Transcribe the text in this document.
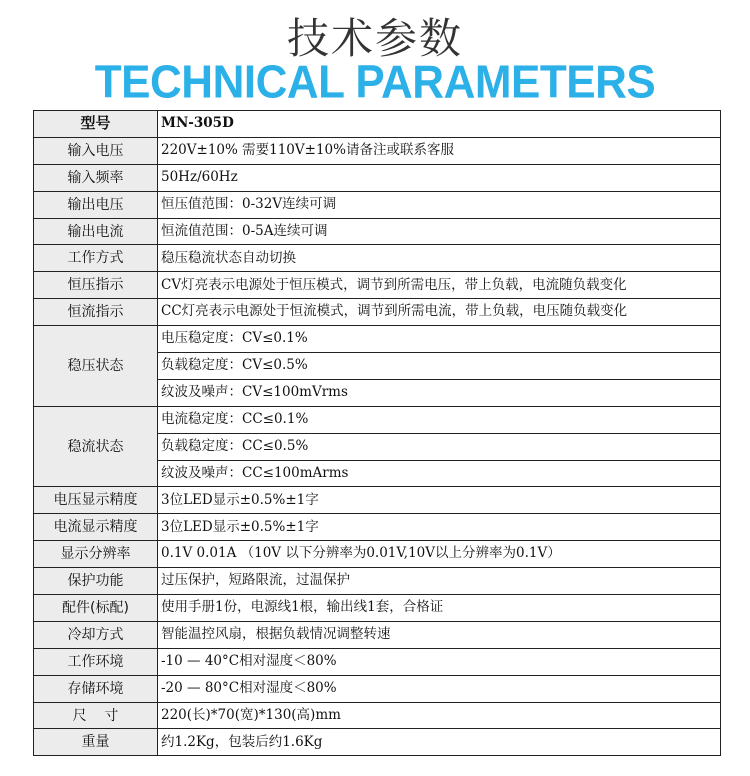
技术参数
TECHNICAL PARAMETERS
型号	MN-305D
输入电压	220V±10% 需要110V±10%请备注或联系客服
输入频率	50Hz/60Hz
输出电压	恒压值范围：0-32V连续可调
输出电流	恒流值范围：0-5A连续可调
工作方式	稳压稳流状态自动切换
恒压指示	CV灯亮表示电源处于恒压模式，调节到所需电压，带上负载，电流随负载变化
恒流指示	CC灯亮表示电源处于恒流模式，调节到所需电流，带上负载，电压随负载变化
稳压状态	电压稳定度：CV≤0.1%
	负载稳定度：CV≤0.5%
	纹波及噪声：CV≤100mVrms
稳流状态	电流稳定度：CC≤0.1%
	负载稳定度：CC≤0.5%
	纹波及噪声：CC≤100mArms
电压显示精度	3位LED显示±0.5%±1字
电流显示精度	3位LED显示±0.5%±1字
显示分辨率	0.1V 0.01A （10V 以下分辨率为0.01V,10V以上分辨率为0.1V）
保护功能	过压保护，短路限流，过温保护
配件(标配)	使用手册1份，电源线1根，输出线1套，合格证
冷却方式	智能温控风扇，根据负载情况调整转速
工作环境	-10 — 40°C相对湿度＜80%
存储环境	-20 — 80°C相对湿度＜80%
尺    寸	220(长)*70(宽)*130(高)mm
重量	约1.2Kg，包装后约1.6Kg
